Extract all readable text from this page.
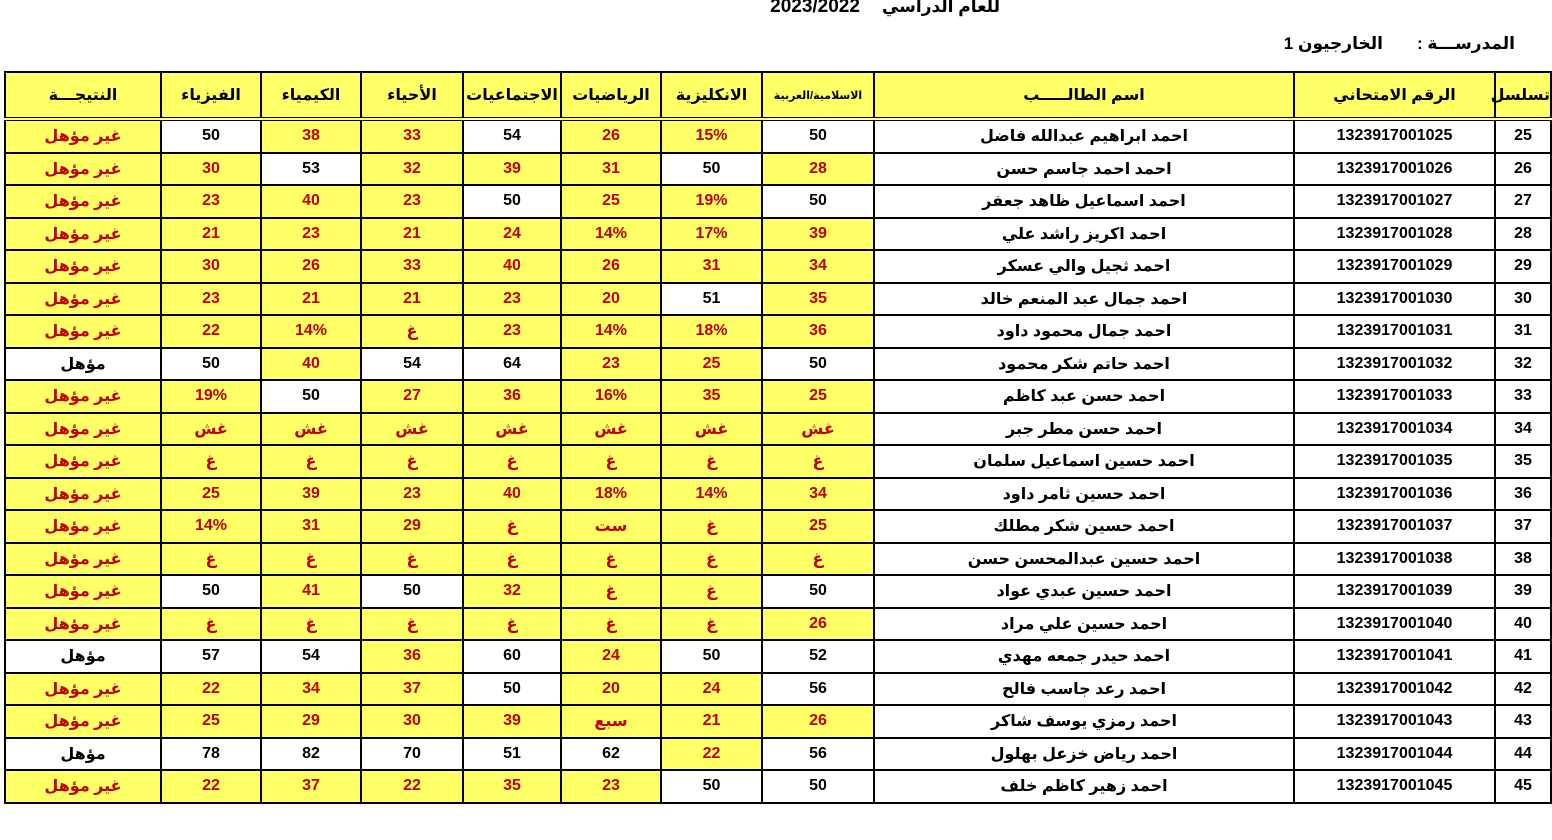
للعام الدراسي2023/2022
المدرســـة :الخارجيون 1
تسلسل	الرقم الامتحاني	اسم الطالـــــب	الاسلامية/العربية	الانكليزية	الرياضيات	الاجتماعيات	الأحياء	الكيمياء	الفيزياء	النتيجـــة
25	1323917001025	احمد ابراهيم عبدالله فاضل	50	15%	26	54	33	38	50	غير مؤهل
26	1323917001026	احمد احمد جاسم حسن	28	50	31	39	32	53	30	غير مؤهل
27	1323917001027	احمد اسماعيل ظاهد جعفر	50	19%	25	50	23	40	23	غير مؤهل
28	1323917001028	احمد اكريز راشد علي	39	17%	14%	24	21	23	21	غير مؤهل
29	1323917001029	احمد ثجيل والي عسكر	34	31	26	40	33	26	30	غير مؤهل
30	1323917001030	احمد جمال عبد المنعم خالد	35	51	20	23	21	21	23	غير مؤهل
31	1323917001031	احمد جمال محمود داود	36	18%	14%	23	غ	14%	22	غير مؤهل
32	1323917001032	احمد حاتم شكر محمود	50	25	23	64	54	40	50	مؤهل
33	1323917001033	احمد حسن عبد كاظم	25	35	16%	36	27	50	19%	غير مؤهل
34	1323917001034	احمد حسن مطر جبر	غش	غش	غش	غش	غش	غش	غش	غير مؤهل
35	1323917001035	احمد حسين اسماعيل سلمان	غ	غ	غ	غ	غ	غ	غ	غير مؤهل
36	1323917001036	احمد حسين ثامر داود	34	14%	18%	40	23	39	25	غير مؤهل
37	1323917001037	احمد حسين شكر مطلك	25	غ	ست	غ	29	31	14%	غير مؤهل
38	1323917001038	احمد حسين عبدالمحسن حسن	غ	غ	غ	غ	غ	غ	غ	غير مؤهل
39	1323917001039	احمد حسين عبدي عواد	50	غ	غ	32	50	41	50	غير مؤهل
40	1323917001040	احمد حسين علي مراد	26	غ	غ	غ	غ	غ	غ	غير مؤهل
41	1323917001041	احمد حيدر جمعه مهدي	52	50	24	60	36	54	57	مؤهل
42	1323917001042	احمد رعد جاسب فالح	56	24	20	50	37	34	22	غير مؤهل
43	1323917001043	احمد رمزي يوسف شاكر	26	21	سبع	39	30	29	25	غير مؤهل
44	1323917001044	احمد رياض خزعل بهلول	56	22	62	51	70	82	78	مؤهل
45	1323917001045	احمد زهير كاظم خلف	50	50	23	35	22	37	22	غير مؤهل
